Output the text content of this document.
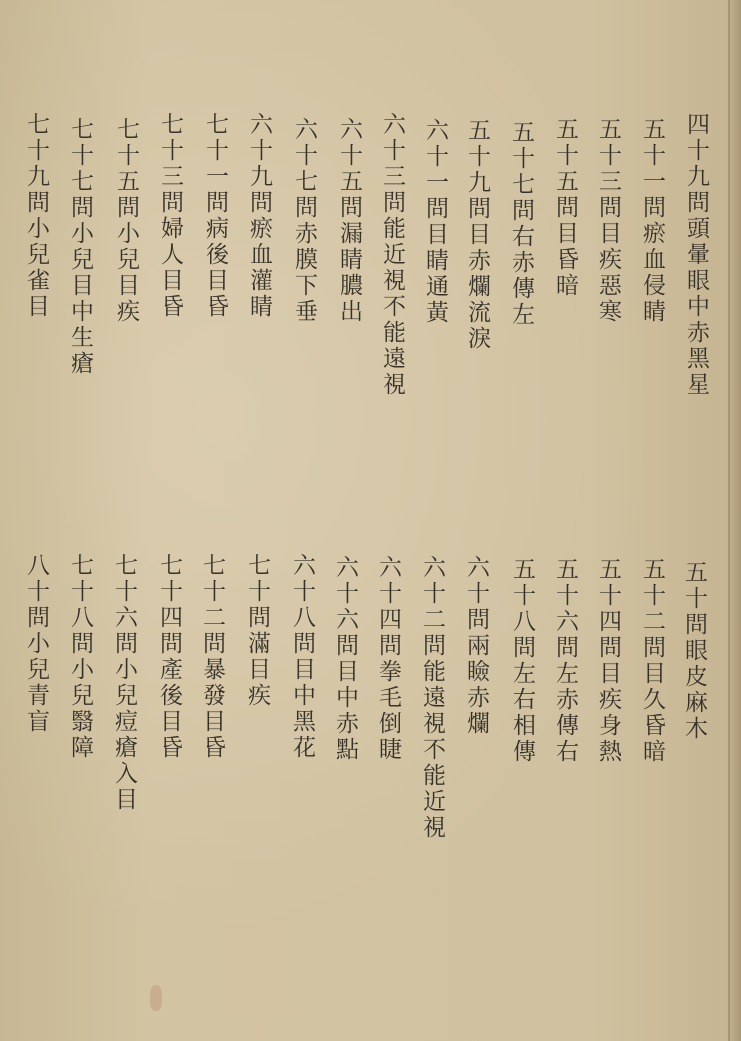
四十九問頭暈眼中赤黑星
五十一問瘀血侵睛
五十三問目疾惡寒
五十五問目昏暗
五十七問右赤傳左
五十九問目赤爛流淚
六十一問目睛通黃
六十三問能近視不能遠視
六十五問漏睛膿出
六十七問赤膜下垂
六十九問瘀血灌睛
七十一問病後目昏
七十三問婦人目昏
七十五問小兒目疾
七十七問小兒目中生瘡
七十九問小兒雀目
五十問眼皮麻木
五十二問目久昏暗
五十四問目疾身熱
五十六問左赤傳右
五十八問左右相傳
六十問兩瞼赤爛
六十二問能遠視不能近視
六十四問拳毛倒睫
六十六問目中赤點
六十八問目中黑花
七十問滿目疾
七十二問暴發目昏
七十四問產後目昏
七十六問小兒痘瘡入目
七十八問小兒翳障
八十問小兒青盲
